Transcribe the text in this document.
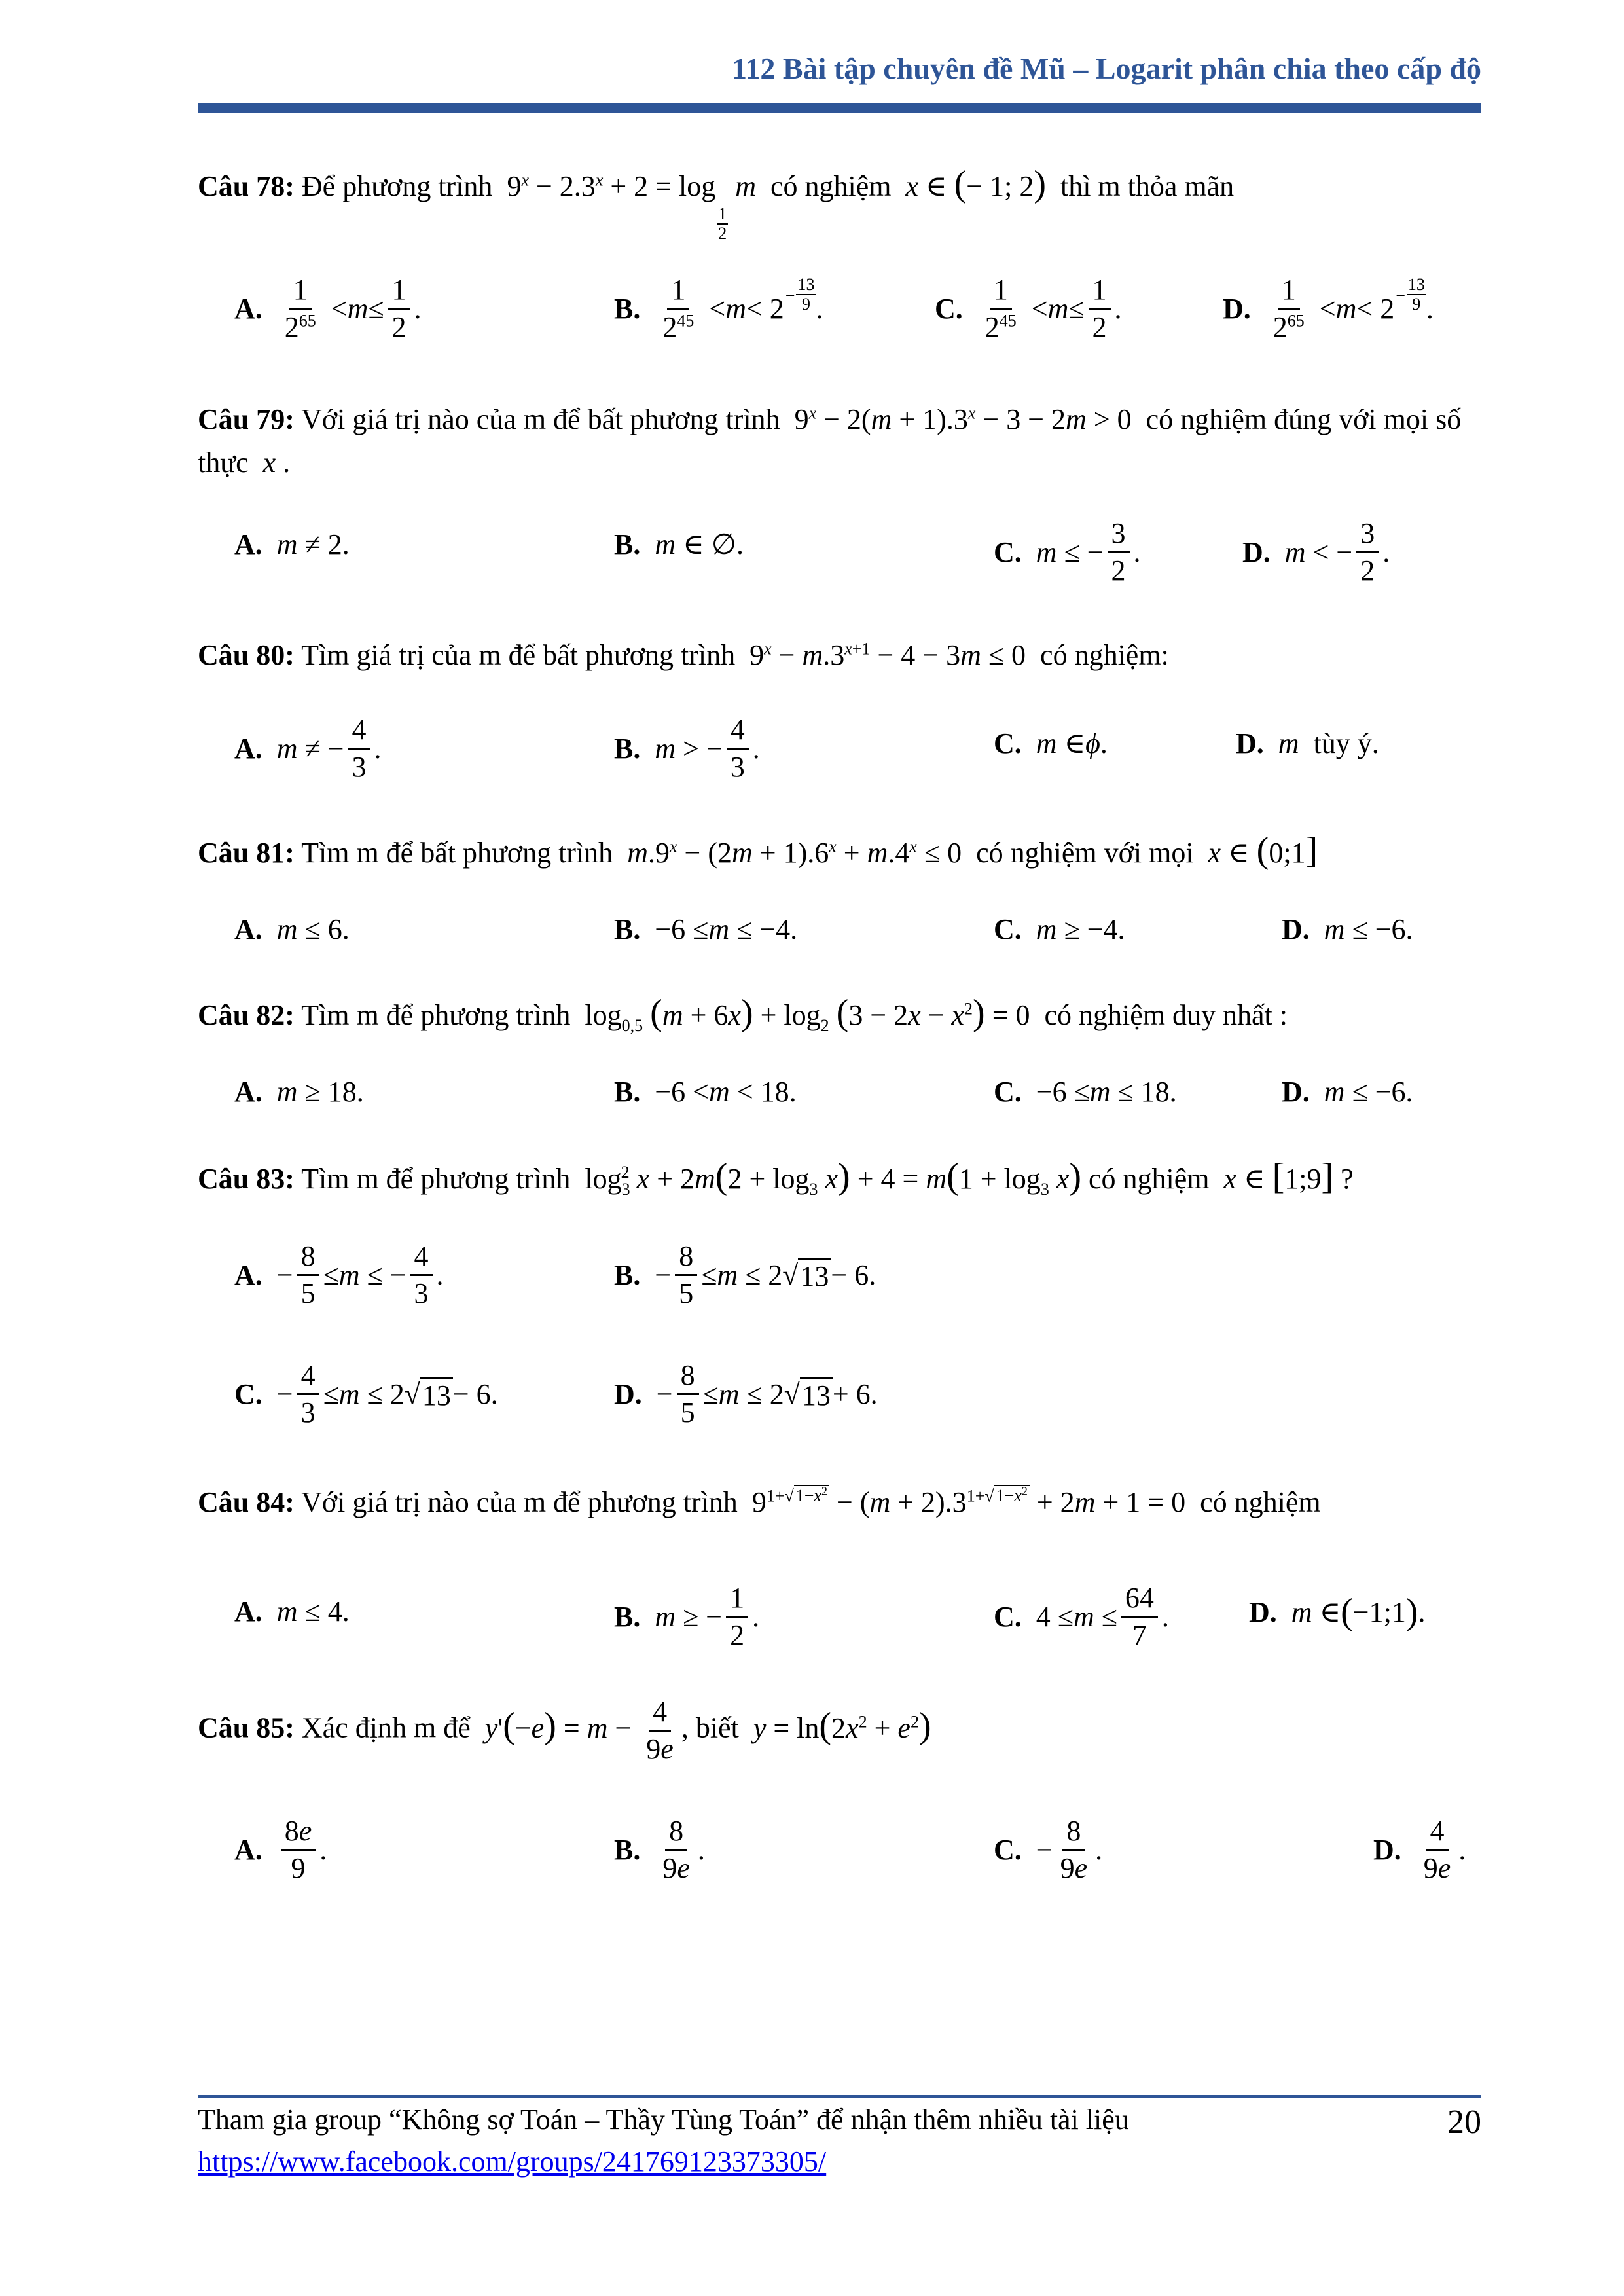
112 Bài tập chuyên đề Mũ – Logarit phân chia theo cấp độ
Câu 78: Để phương trình  $9^x - 2.3^x + 2 = \log$
$_{\frac{1}{2}}$
m có nghiệm x ∈ (− 1; 2) thì m thỏa mãn
A. $\frac{1}{2^{65}} < m \le \frac{1}{2}$ .	B. $\frac{1}{2^{45}} < m < 2 - \frac{13}{9}$ .	C. $\frac{1}{2^{45}} < m \le \frac{1}{2}$ .	D. $\frac{1}{2^{65}} < m < 2 - \frac{13}{9}$ .
Câu 79: Với giá trị nào của m để bất phương trình  $9^x - 2(m + 1).3^x - 3 - 2m > 0$  có nghiệm đúng với mọi số thực  x .
A. m ≠ 2.	B. m ∈ ∅.	C. m ≤ − $\frac{3}{2}$ .	D. m < − $\frac{3}{2}$ .
Câu 80: Tìm giá trị của m để bất phương trình  $9^x - m.3^{x+1} - 4 - 3m \le 0$  có nghiệm:
A. m ≠ − $\frac{4}{3}$ .	B. m > − $\frac{4}{3}$ .	C. m ∈ ϕ .	D. m
tùy ý.
Câu 81: Tìm m để bất phương trình $m.9^x - (2m + 1).6^x + m.4^x \le 0$  có nghiệm với mọi x ∈ (0;1]
A. m ≤ 6.	B. −6 ≤ m ≤ −4.	C. m ≥ −4.	D. m ≤ −6.
Câu 82: Tìm m để phương trình  $\log_{0,5} (m + 6x) + \log_2 (3 - 2x - x^2) = 0$  có nghiệm duy nhất :
A. m ≥ 18.	B. −6 < m < 18.	C. −6 ≤ m ≤ 18.	D. m ≤ −6.
Câu 83: Tìm m để phương trình  $\log_3^2 x + 2m(2 + \log_3 x) + 4 = m(1 + \log_3 x)$ có nghiệm x ∈ [1;9] ?
A. − $\frac{8}{5} \le m$ ≤ − $\frac{4}{3}$ .	B. − $\frac{8}{5} \le m \le 2√$ 13 − 6.
C. − $\frac{4}{3} \le m \le 2√$ 13 − 6.	D. − $\frac{8}{5} \le m \le 2√$ 13 + 6.
Câu 84: Với giá trị nào của m để phương trình  $9^{1+√ 1-x^2} - (m + 2).3^{1+√ 1-x^2} + 2m + 1 = 0$  có nghiệm
A. m ≤ 4.	B. m ≥ − $\frac{1}{2}$ .	C. $4 \le m \le \frac{64}{7}$ .	D. m ∈ ( −1;1 ) .
Câu 85: Xác định m để $y'(-e) = m - \frac{4}{9e}$ , biết $y = \ln(2x^2 + e^2)$
A. $\frac{8e}{9}$ .	B. $\frac{8}{9e}$ .	C. − $\frac{8}{9e}$ .	D. $\frac{4}{9e}$ .
Tham gia group “Không sợ Toán – Thầy Tùng Toán” để nhận thêm nhiều tài liệu
https://www.facebook.com/groups/241769123373305/
20
